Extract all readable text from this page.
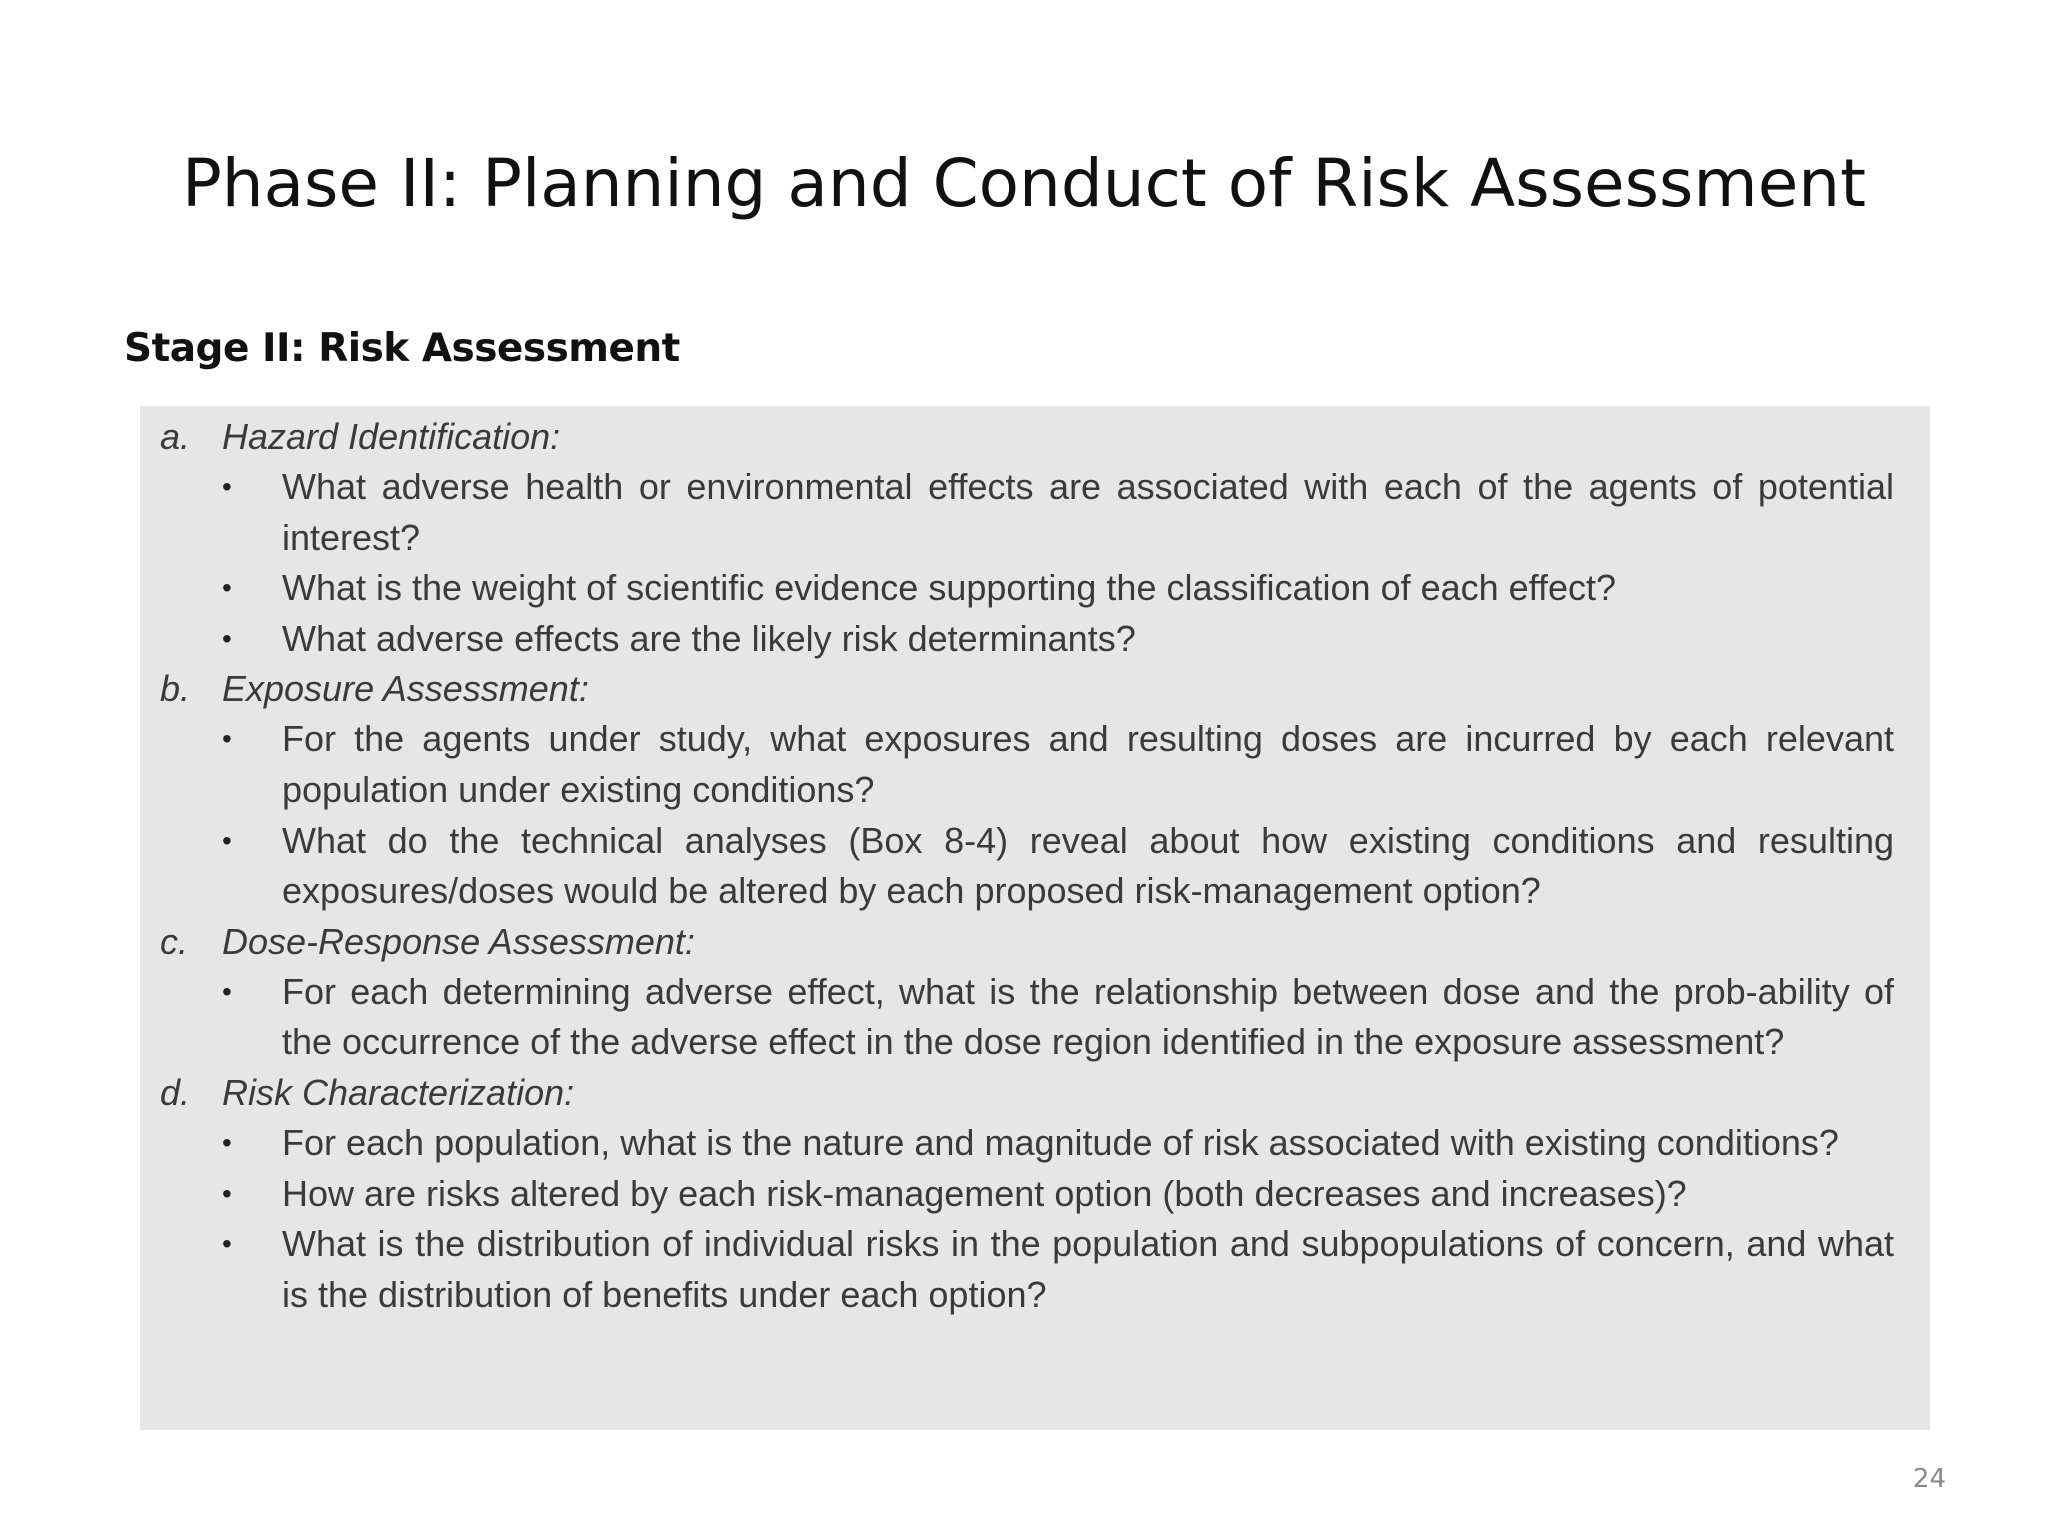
Phase II: Planning and Conduct of Risk Assessment
Stage II: Risk Assessment
a. Hazard Identification:
•	What adverse health or environmental effects are associated with each of the agents of potential interest?
•	What is the weight of scientific evidence supporting the classification of each effect?
•	What adverse effects are the likely risk determinants?
b. Exposure Assessment:
•	For the agents under study, what exposures and resulting doses are incurred by each relevant population under existing conditions?
•	What do the technical analyses (Box 8-4) reveal about how existing conditions and resulting exposures/doses would be altered by each proposed risk-management option?
c. Dose-Response Assessment:
•	For each determining adverse effect, what is the relationship between dose and the prob-ability of the occurrence of the adverse effect in the dose region identified in the exposure assessment?
d. Risk Characterization:
•	For each population, what is the nature and magnitude of risk associated with existing conditions?
•	How are risks altered by each risk-management option (both decreases and increases)?
•	What is the distribution of individual risks in the population and subpopulations of concern, and what is the distribution of benefits under each option?
24
